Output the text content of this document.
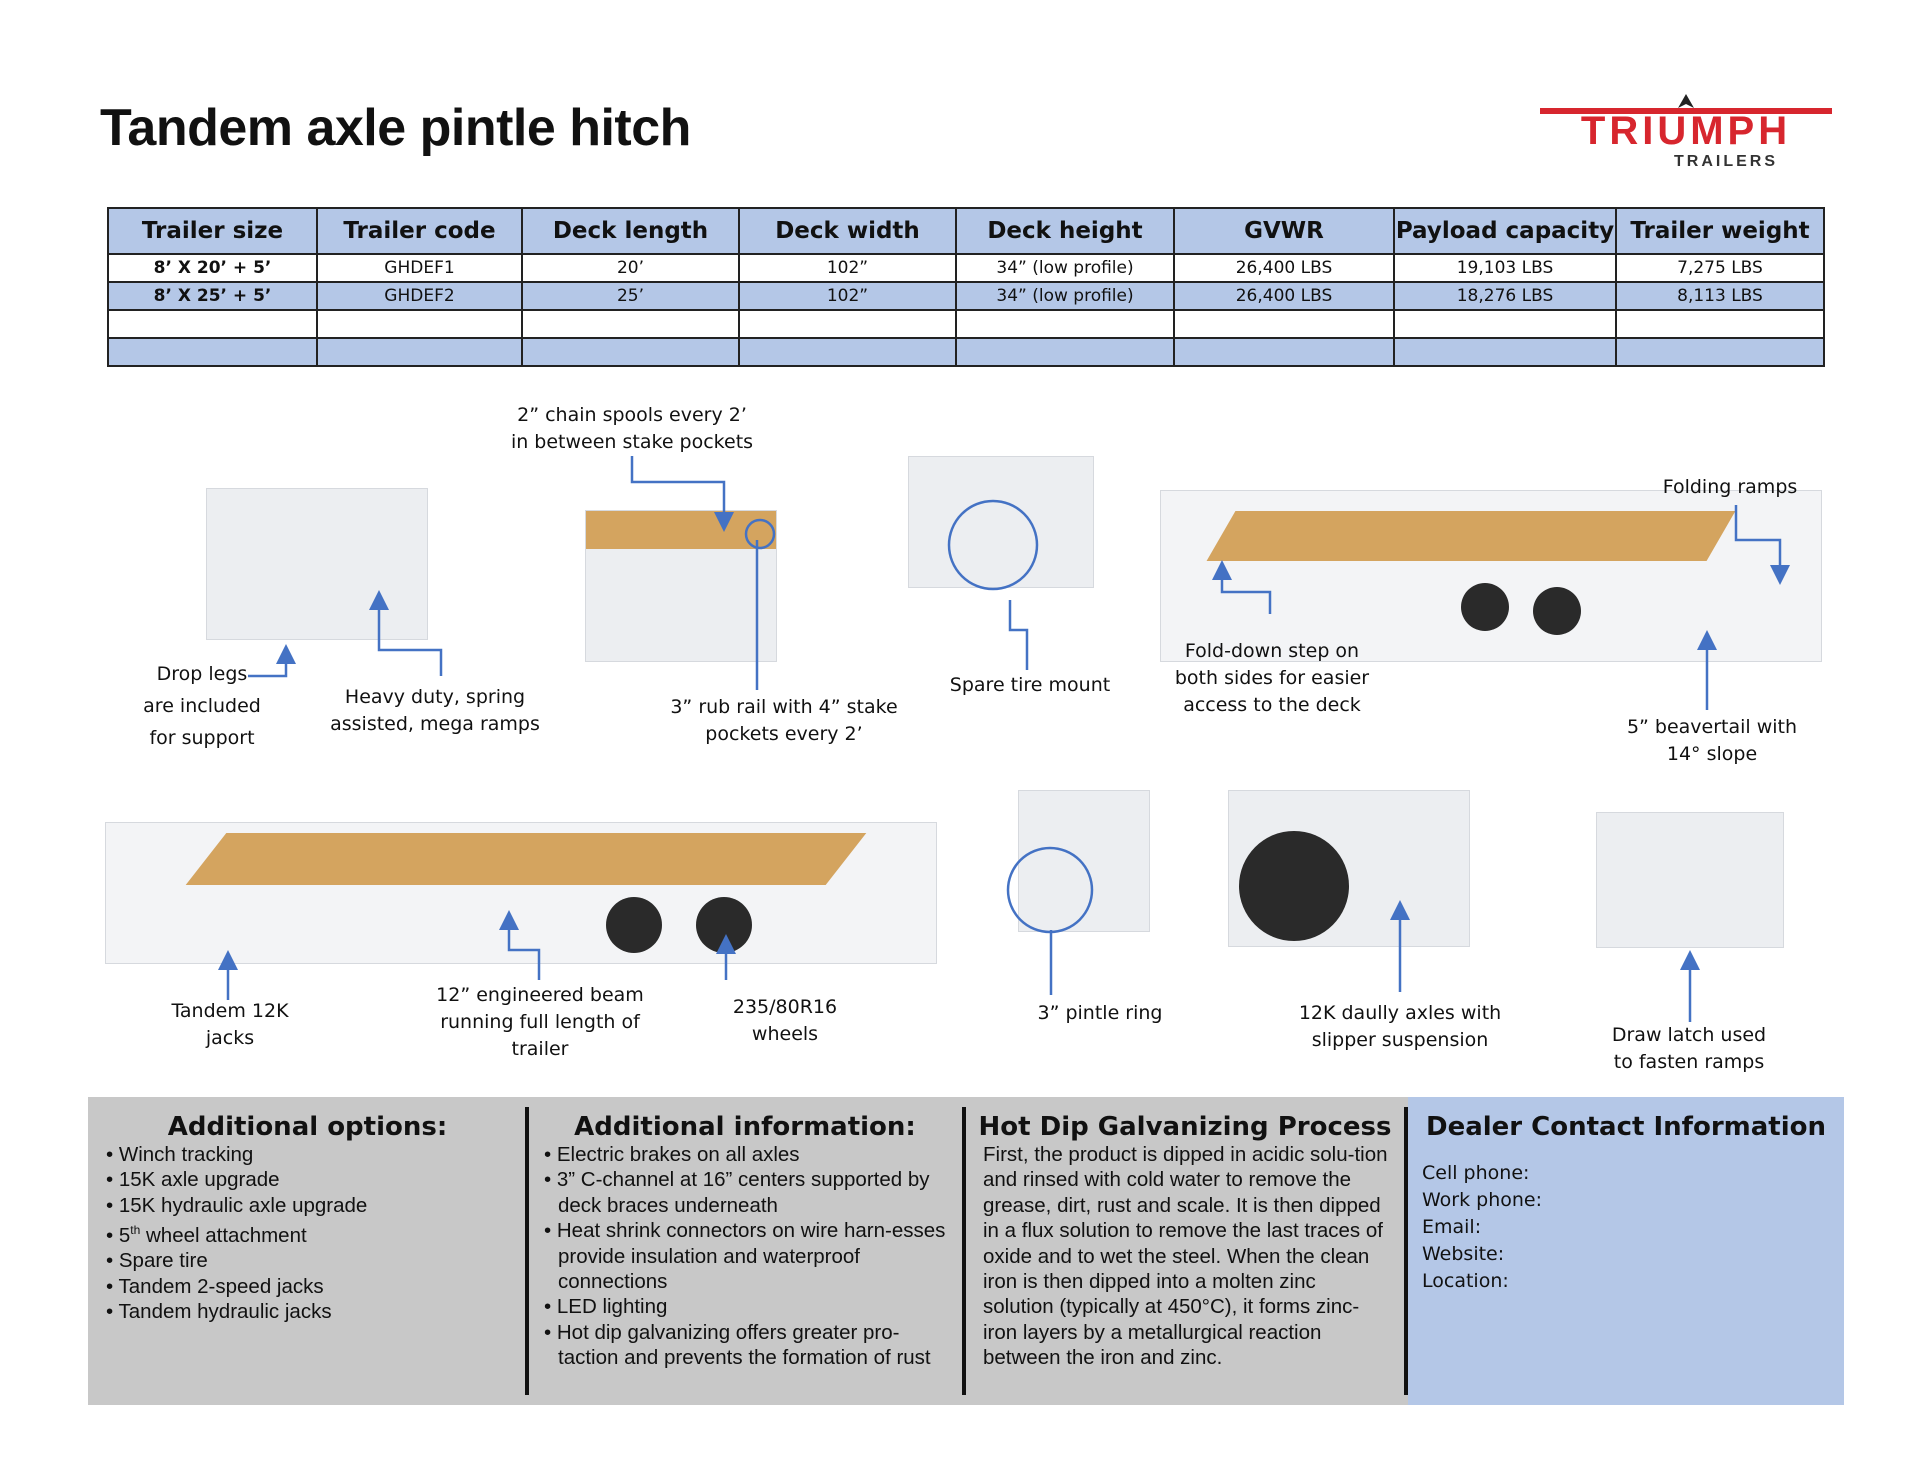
Tandem axle pintle hitch	TRIUMPH
TRAILERS
Trailer size	Trailer code	Deck length	Deck width	Deck height	GVWR	Payload capacity	Trailer weight
8’ X 20’ + 5’	GHDEF1	20’	102”	34” (low profile)	26,400 LBS	19,103 LBS	7,275 LBS
8’ X 25’ + 5’	GHDEF2	25’	102”	34” (low profile)	26,400 LBS	18,276 LBS	8,113 LBS

Drop legs
are included
for support
Heavy duty, spring
assisted, mega ramps
2” chain spools every 2’
in between stake pockets
3” rub rail with 4” stake
pockets every 2’
Spare tire mount
Fold-down step on
both sides for easier
access to the deck
Folding ramps
5” beavertail with
14° slope
Tandem 12K
jacks
12” engineered beam
running full length of
trailer
235/80R16
wheels
3” pintle ring	12K daully axles with
slipper suspension	Draw latch used
to fasten ramps
Additional options:
• Winch tracking
• 15K axle upgrade
• 15K hydraulic axle upgrade
• 5th wheel attachment
• Spare tire
• Tandem 2-speed jacks
• Tandem hydraulic jacks
Additional information:
• Electric brakes on all axles
• 3” C-channel at 16” centers supported by deck braces underneath
• Heat shrink connectors on wire harn-esses provide insulation and waterproof connections
• LED lighting
• Hot dip galvanizing offers greater pro-taction and prevents the formation of rust
Hot Dip Galvanizing Process
First, the product is dipped in acidic solu-tion and rinsed with cold water to remove the grease, dirt, rust and scale. It is then dipped in a flux solution to remove the last traces of oxide and to wet the steel. When the clean iron is then dipped into a molten zinc solution (typically at 450°C), it forms zinc-iron layers by a metallurgical reaction between the iron and zinc.
Dealer Contact Information
Cell phone:
Work phone:
Email:
Website:
Location:
